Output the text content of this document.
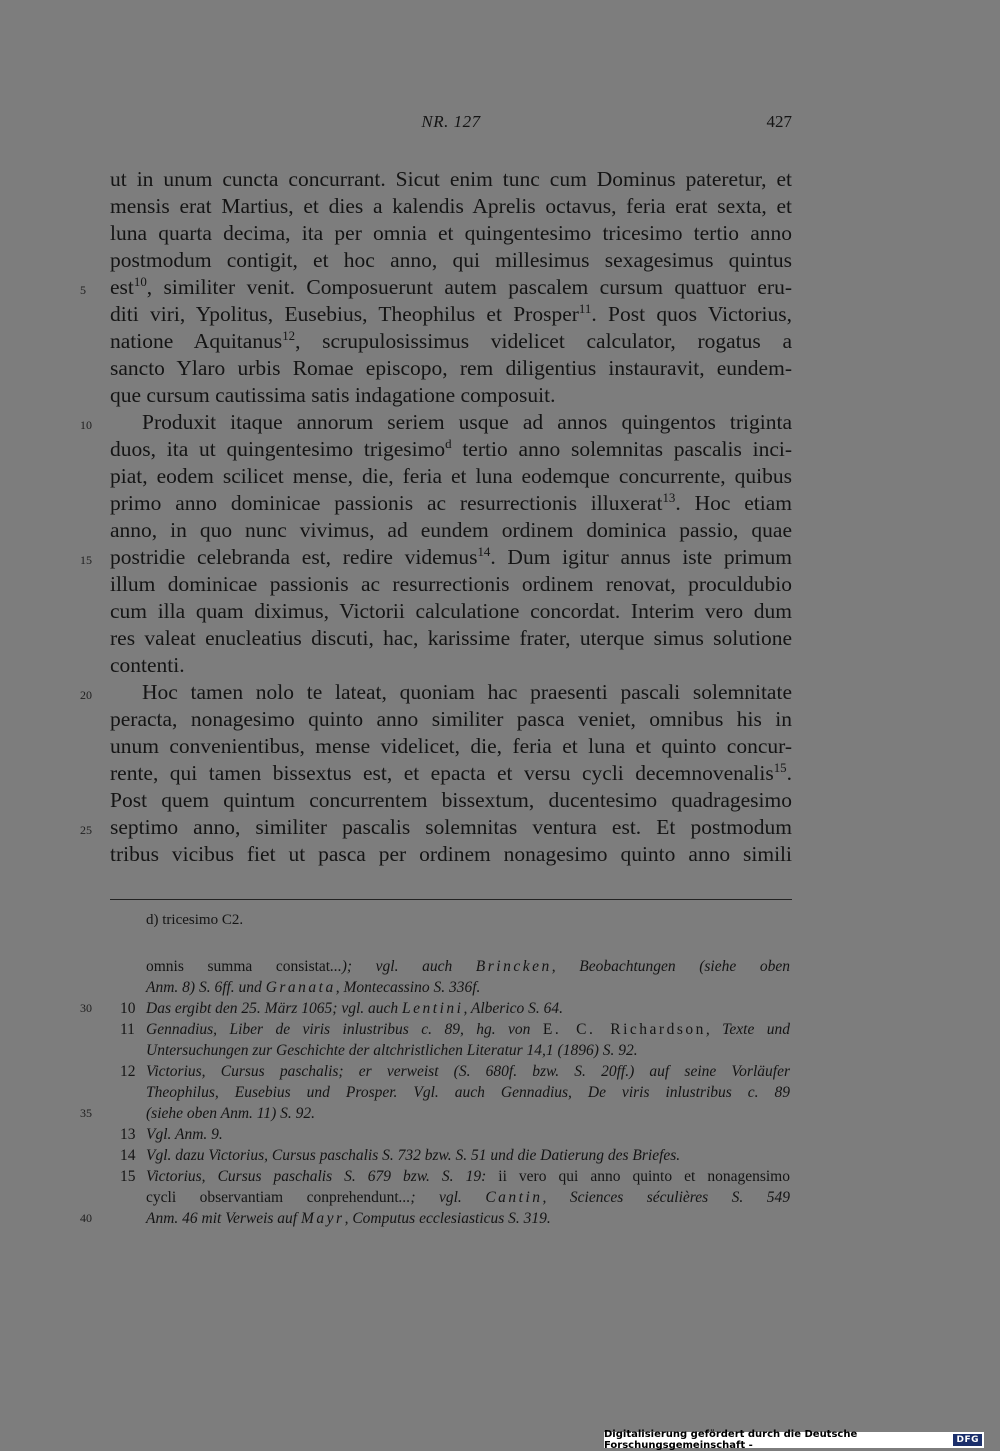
NR. 127	427
5
10
15
20
25
30
35
40
ut in unum cuncta concurrant. Sicut enim tunc cum Dominus pateretur, et
mensis erat Martius, et dies a kalendis Aprelis octavus, feria erat sexta, et
luna quarta decima, ita per omnia et quingentesimo tricesimo tertio anno
postmodum contigit, et hoc anno, qui millesimus sexagesimus quintus
est$^{10}$, similiter venit. Composuerunt autem pascalem cursum quattuor eru-
diti viri, Ypolitus, Eusebius, Theophilus et Prosper$^{11}$. Post quos Victorius,
natione Aquitanus$^{12}$, scrupulosissimus videlicet calculator, rogatus a
sancto Ylaro urbis Romae episcopo, rem diligentius instauravit, eundem-
que cursum cautissima satis indagatione composuit.
Produxit itaque annorum seriem usque ad annos quingentos triginta
duos, ita ut quingentesimo trigesimo$^d$ tertio anno solemnitas pascalis inci-
piat, eodem scilicet mense, die, feria et luna eodemque concurrente, quibus
primo anno dominicae passionis ac resurrectionis illuxerat$^{13}$. Hoc etiam
anno, in quo nunc vivimus, ad eundem ordinem dominica passio, quae
postridie celebranda est, redire videmus$^{14}$. Dum igitur annus iste primum
illum dominicae passionis ac resurrectionis ordinem renovat, proculdubio
cum illa quam diximus, Victorii calculatione concordat. Interim vero dum
res valeat enucleatius discuti, hac, karissime frater, uterque simus solutione
contenti.
Hoc tamen nolo te lateat, quoniam hac praesenti pascali solemnitate
peracta, nonagesimo quinto anno similiter pasca veniet, omnibus his in
unum convenientibus, mense videlicet, die, feria et luna et quinto concur-
rente, qui tamen bissextus est, et epacta et versu cycli decemnovenalis$^{15}$.
Post quem quintum concurrentem bissextum, ducentesimo quadragesimo
septimo anno, similiter pascalis solemnitas ventura est. Et postmodum
tribus vicibus fiet ut pasca per ordinem nonagesimo quinto anno simili
d) tricesimo C2.
omnis summa consistat...); vgl. auch Brincken, Beobachtungen (siehe oben
Anm. 8) S. 6ff. und Granata, Montecassino S. 336f.
10 Das ergibt den 25. März 1065; vgl. auch Lentini, Alberico S. 64.
11 Gennadius, Liber de viris inlustribus c. 89, hg. von E. C. Richardson, Texte und
Untersuchungen zur Geschichte der altchristlichen Literatur 14,1 (1896) S. 92.
12 Victorius, Cursus paschalis; er verweist (S. 680f. bzw. S. 20ff.) auf seine Vorläufer
Theophilus, Eusebius und Prosper. Vgl. auch Gennadius, De viris inlustribus c. 89
(siehe oben Anm. 11) S. 92.
13 Vgl. Anm. 9.
14 Vgl. dazu Victorius, Cursus paschalis S. 732 bzw. S. 51 und die Datierung des Briefes.
15 Victorius, Cursus paschalis S. 679 bzw. S. 19: ii vero qui anno quinto et nonagensimo
cycli observantiam conprehendunt...; vgl. Cantin, Sciences séculières S. 549
Anm. 46 mit Verweis auf Mayr, Computus ecclesiasticus S. 319.
Digitalisierung gefördert durch die Deutsche Forschungsgemeinschaft -	DFG
